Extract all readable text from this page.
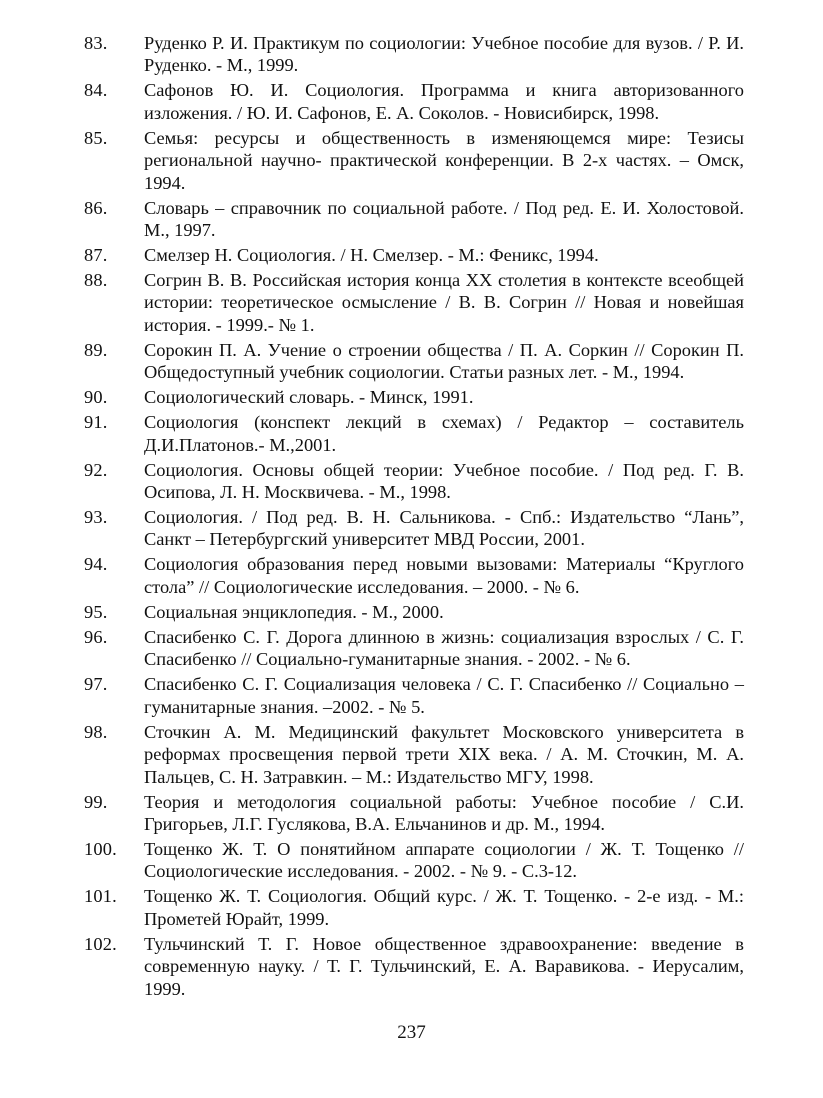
83.	Руденко Р. И. Практикум по социологии: Учебное пособие для вузов. / Р. И. Руденко. - М., 1999.
84.	Сафонов Ю. И. Социология. Программа и книга авторизованного изложения. / Ю. И. Сафонов, Е. А. Соколов. - Новисибирск, 1998.
85.	Семья: ресурсы и общественность в изменяющемся мире: Тезисы региональной научно- практической конференции. В 2-х частях. – Омск, 1994.
86.	Словарь – справочник по социальной работе. / Под ред. Е. И. Холостовой. М., 1997.
87.	Смелзер Н. Социология. / Н. Смелзер. - М.: Феникс, 1994.
88.	Согрин В. В. Российская история конца XX столетия в контексте всеобщей истории: теоретическое осмысление / В. В. Согрин // Новая и новейшая история. - 1999.- № 1.
89.	Сорокин П. А. Учение о строении общества / П. А. Соркин // Сорокин П. Общедоступный учебник социологии. Статьи разных лет. - М., 1994.
90.	Социологический словарь. - Минск, 1991.
91.	Социология (конспект лекций в схемах) / Редактор – составитель Д.И.Платонов.- М.,2001.
92.	Социология. Основы общей теории: Учебное пособие. / Под ред. Г. В. Осипова, Л. Н. Москвичева. - М., 1998.
93.	Социология. / Под ред. В. Н. Сальникова. - Спб.: Издательство “Лань”, Санкт – Петербургский университет МВД России, 2001.
94.	Социология образования перед новыми вызовами: Материалы “Круглого стола” // Социологические исследования. – 2000. - № 6.
95.	Социальная энциклопедия. - М., 2000.
96.	Спасибенко С. Г. Дорога длинною в жизнь: социализация взрослых / С. Г. Спасибенко // Социально-гуманитарные знания. - 2002. - № 6.
97.	Спасибенко С. Г. Социализация человека / С. Г. Спасибенко // Социально – гуманитарные знания. –2002. - № 5.
98.	Сточкин А. М. Медицинский факультет Московского университета в реформах просвещения первой трети XIX века. / А. М. Сточкин, М. А. Пальцев, С. Н. Затравкин. – М.: Издательство МГУ, 1998.
99.	Теория и методология социальной работы: Учебное пособие / С.И. Григорьев, Л.Г. Гуслякова, В.А. Ельчанинов и др. М., 1994.
100.	Тощенко Ж. Т. О понятийном аппарате социологии / Ж. Т. Тощенко // Социологические исследования. - 2002. - № 9. - С.3-12.
101.	Тощенко Ж. Т. Социология. Общий курс. / Ж. Т. Тощенко. - 2-е изд. - М.: Прометей Юрайт, 1999.
102.	Тульчинский Т. Г. Новое общественное здравоохранение: введение в современную науку. / Т. Г. Тульчинский, Е. А. Варавикова. - Иерусалим, 1999.
237
